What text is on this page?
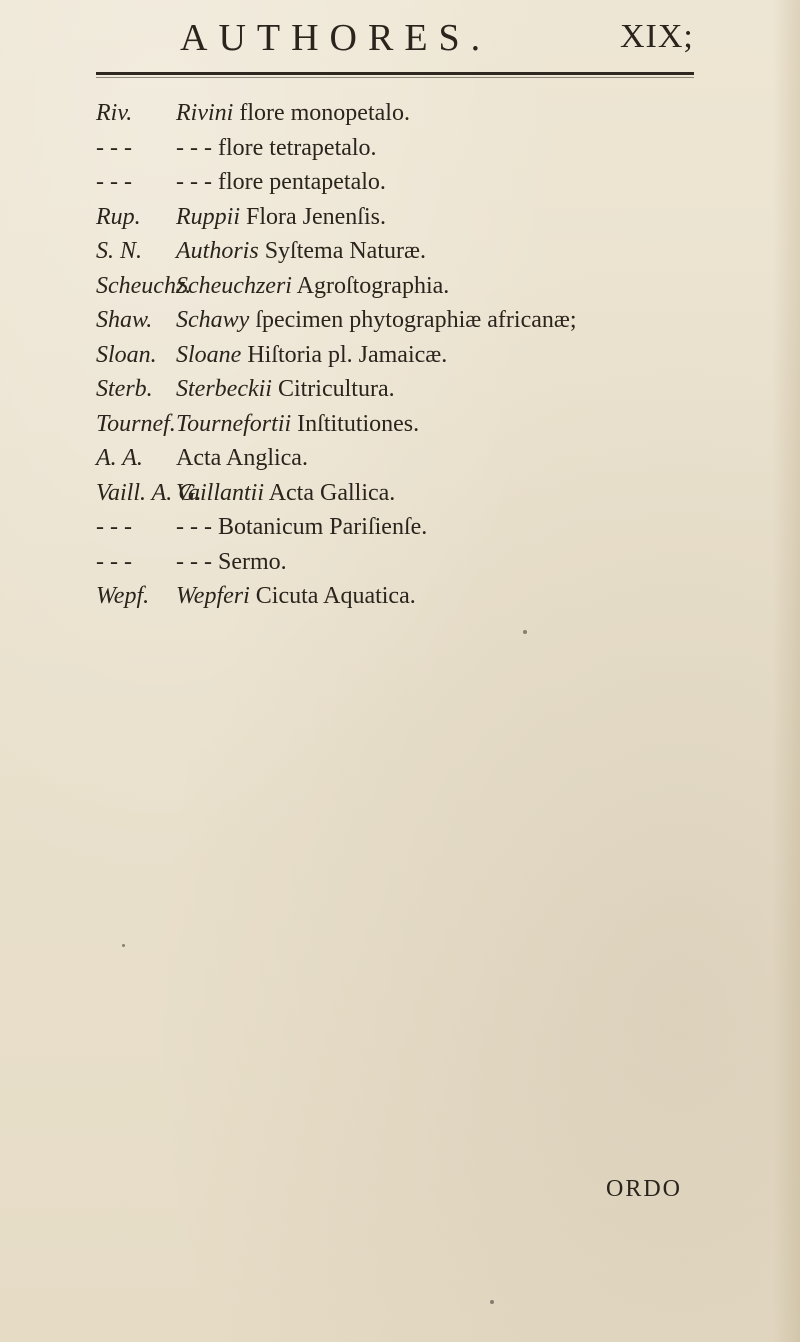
AUTHORES.	XIX;
Riv. Rivini flore monopetalo.
- - - - - - flore tetrapetalo.
- - - - - - flore pentapetalo.
Rup. Ruppii Flora Jenenſis.
S. N. Authoris Syſtema Naturæ.
Scheuchz.
Scheuchzeri Agroſtographia.
Shaw. Schawy ſpecimen phytographiæ africanæ;
Sloan. Sloane Hiſtoria pl. Jamaicæ.
Sterb. Sterbeckii Citricultura.
Tournef. Tournefortii Inſtitutiones.
A. A. Acta Anglica.
Vaill. A. G.
Vaillantii Acta Gallica.
- - - - - - Botanicum Pariſienſe.
- - - - - - Sermo.
Wepf. Wepferi Cicuta Aquatica.
ORDO
